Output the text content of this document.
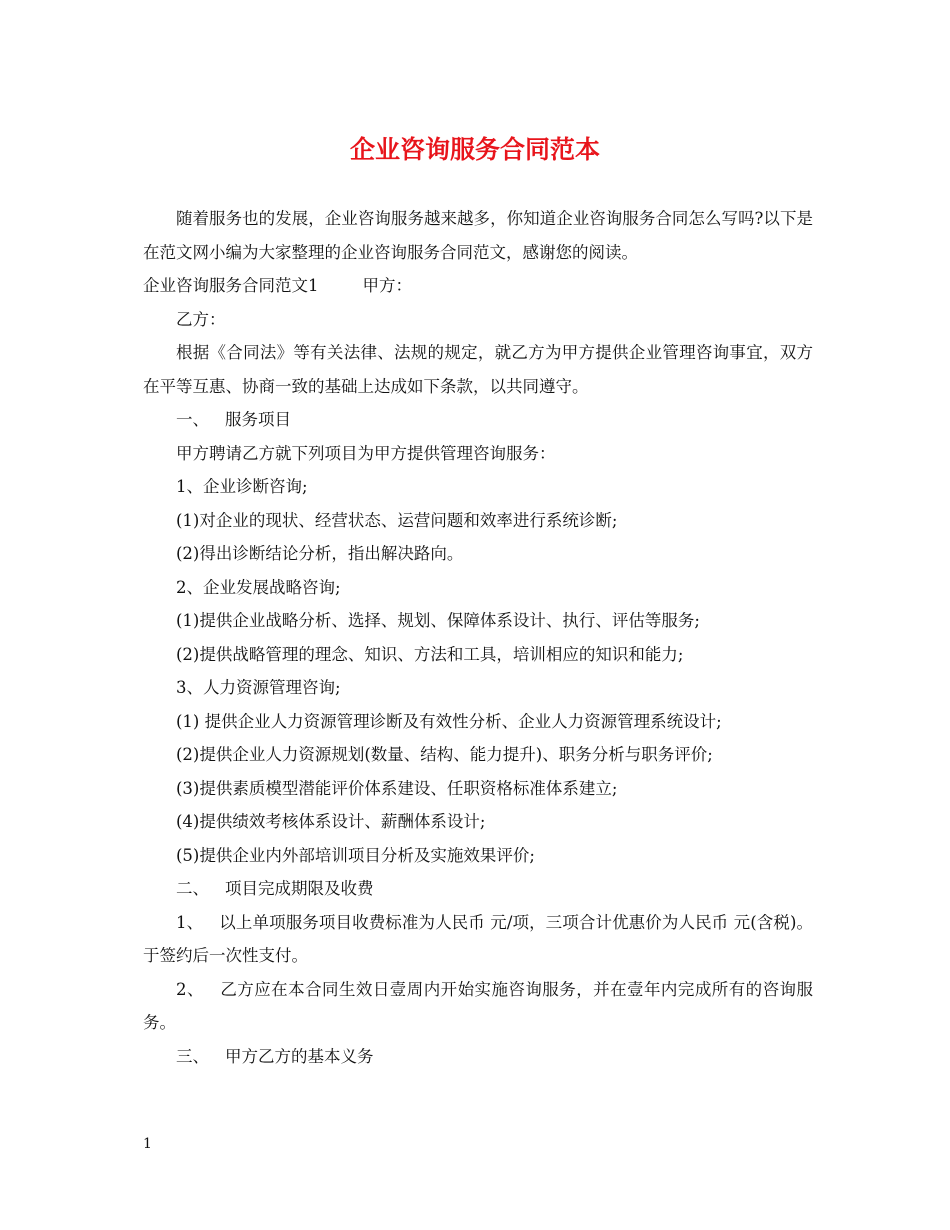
企业咨询服务合同范本

随着服务也的发展，企业咨询服务越来越多，你知道企业咨询服务合同怎么写吗?以下是在范文网小编为大家整理的企业咨询服务合同范文，感谢您的阅读。

企业咨询服务合同范文1	甲方：

乙方：

根据《合同法》等有关法律、法规的规定，就乙方为甲方提供企业管理咨询事宜，双方在平等互惠、协商一致的基础上达成如下条款，以共同遵守。

一、 服务项目

甲方聘请乙方就下列项目为甲方提供管理咨询服务：

1、企业诊断咨询;

(1)对企业的现状、经营状态、运营问题和效率进行系统诊断;

(2)得出诊断结论分析，指出解决路向。

2、企业发展战略咨询;

(1)提供企业战略分析、选择、规划、保障体系设计、执行、评估等服务;

(2)提供战略管理的理念、知识、方法和工具，培训相应的知识和能力;

3、人力资源管理咨询;

(1) 提供企业人力资源管理诊断及有效性分析、企业人力资源管理系统设计;

(2)提供企业人力资源规划(数量、结构、能力提升)、职务分析与职务评价;

(3)提供素质模型潜能评价体系建设、任职资格标准体系建立;

(4)提供绩效考核体系设计、薪酬体系设计;

(5)提供企业内外部培训项目分析及实施效果评价;

二、 项目完成期限及收费

1、 以上单项服务项目收费标准为人民币 元/项，三项合计优惠价为人民币 元(含税)。于签约后一次性支付。

2、 乙方应在本合同生效日壹周内开始实施咨询服务，并在壹年内完成所有的咨询服务。

三、 甲方乙方的基本义务

1
